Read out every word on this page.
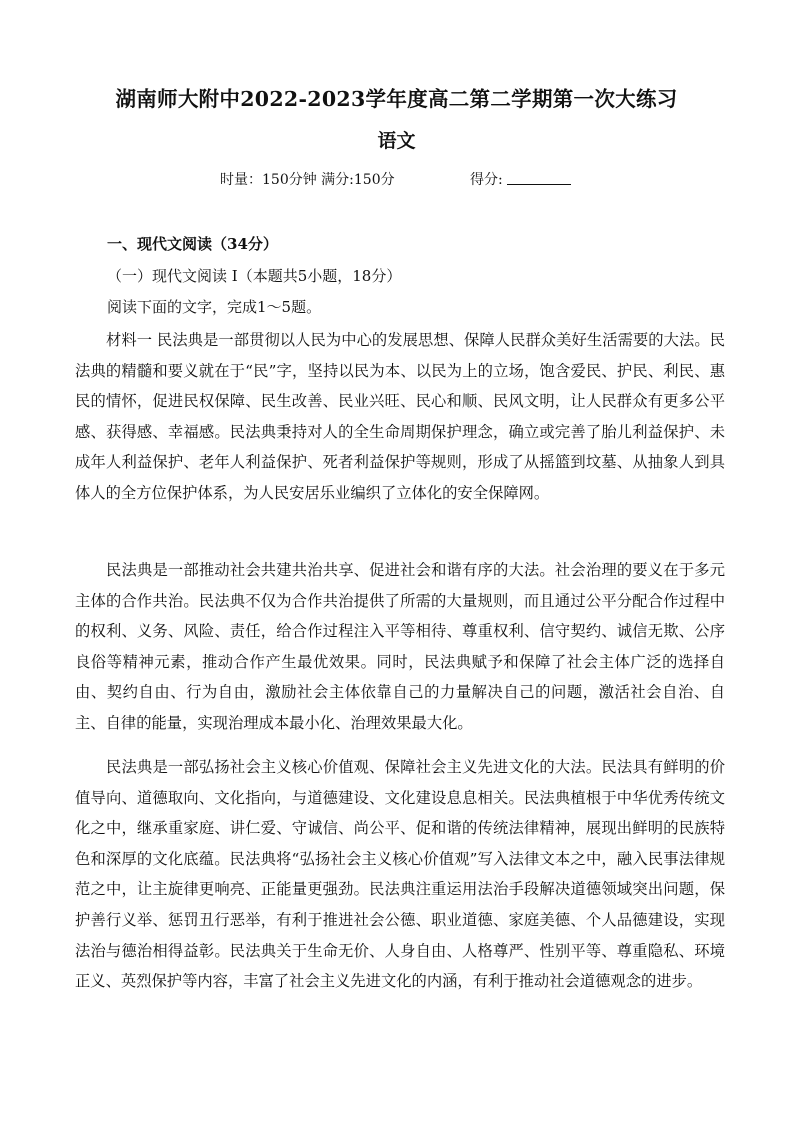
湖南师大附中2022-2023学年度高二第二学期第一次大练习
语文
时量：150分钟 满分:150分	得分:
一、现代文阅读（34分）
（一）现代文阅读 I（本题共5小题，18分）
阅读下面的文字，完成1～5题。

材料一 民法典是一部贯彻以人民为中心的发展思想、保障人民群众美好生活需要的大法。民法典的精髓和要义就在于“民”字，坚持以民为本、以民为上的立场，饱含爱民、护民、利民、惠民的情怀，促进民权保障、民生改善、民业兴旺、民心和顺、民风文明，让人民群众有更多公平感、获得感、幸福感。民法典秉持对人的全生命周期保护理念，确立或完善了胎儿利益保护、未成年人利益保护、老年人利益保护、死者利益保护等规则，形成了从摇篮到坟墓、从抽象人到具体人的全方位保护体系，为人民安居乐业编织了立体化的安全保障网。

民法典是一部推动社会共建共治共享、促进社会和谐有序的大法。社会治理的要义在于多元主体的合作共治。民法典不仅为合作共治提供了所需的大量规则，而且通过公平分配合作过程中的权利、义务、风险、责任，给合作过程注入平等相待、尊重权利、信守契约、诚信无欺、公序良俗等精神元素，推动合作产生最优效果。同时，民法典赋予和保障了社会主体广泛的选择自由、契约自由、行为自由，激励社会主体依靠自己的力量解决自己的问题，激活社会自治、自主、自律的能量，实现治理成本最小化、治理效果最大化。

民法典是一部弘扬社会主义核心价值观、保障社会主义先进文化的大法。民法具有鲜明的价值导向、道德取向、文化指向，与道德建设、文化建设息息相关。民法典植根于中华优秀传统文化之中，继承重家庭、讲仁爱、守诚信、尚公平、促和谐的传统法律精神，展现出鲜明的民族特色和深厚的文化底蕴。民法典将“弘扬社会主义核心价值观”写入法律文本之中，融入民事法律规范之中，让主旋律更响亮、正能量更强劲。民法典注重运用法治手段解决道德领域突出问题，保护善行义举、惩罚丑行恶举，有利于推进社会公德、职业道德、家庭美德、个人品德建设，实现法治与德治相得益彰。民法典关于生命无价、人身自由、人格尊严、性别平等、尊重隐私、环境正义、英烈保护等内容，丰富了社会主义先进文化的内涵，有利于推动社会道德观念的进步。
